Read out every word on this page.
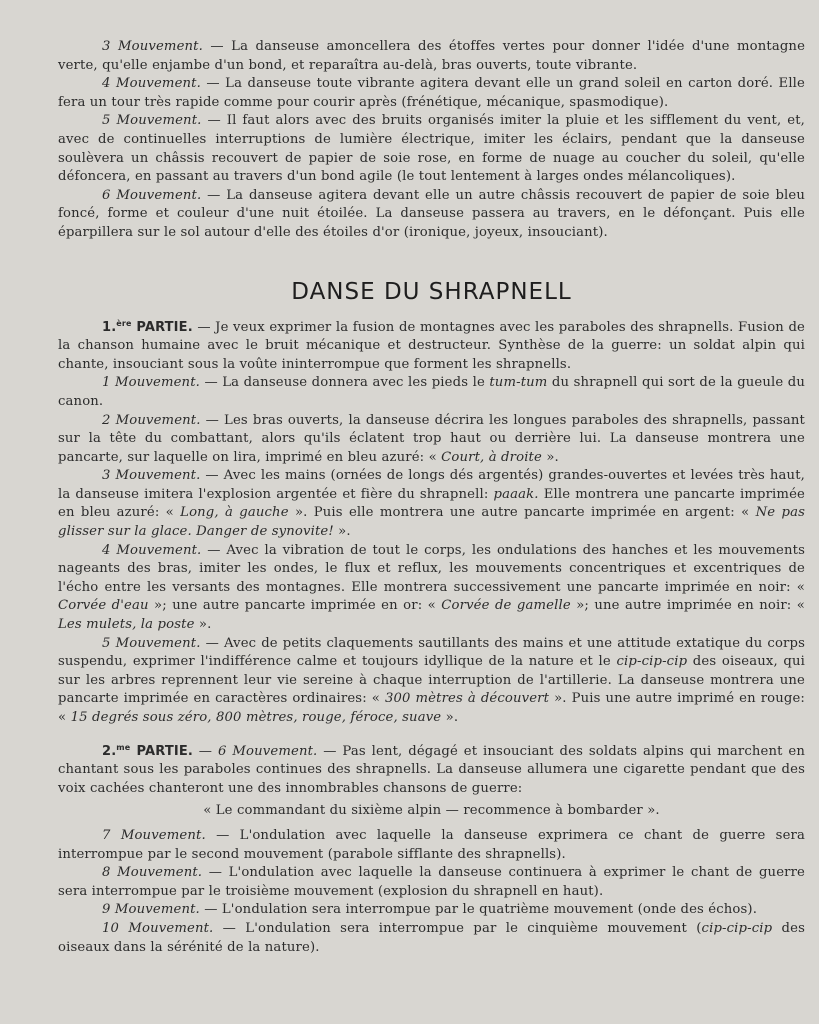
3 Mouvement. — La danseuse amoncellera des étoffes vertes pour donner l'idée d'une montagne verte, qu'elle enjambe d'un bond, et reparaîtra au-delà, bras ouverts, toute vibrante.

4 Mouvement. — La danseuse toute vibrante agitera devant elle un grand soleil en carton doré. Elle fera un tour très rapide comme pour courir après (frénétique, mécanique, spasmodique).

5 Mouvement. — Il faut alors avec des bruits organisés imiter la pluie et les sifflement du vent, et, avec de continuelles interruptions de lumière électrique, imiter les éclairs, pendant que la danseuse soulèvera un châssis recouvert de papier de soie rose, en forme de nuage au coucher du soleil, qu'elle défoncera, en passant au travers d'un bond agile (le tout lentement à larges ondes mélancoliques).

6 Mouvement. — La danseuse agitera devant elle un autre châssis recouvert de papier de soie bleu foncé, forme et couleur d'une nuit étoilée. La danseuse passera au travers, en le défonçant. Puis elle éparpillera sur le sol autour d'elle des étoiles d'or (ironique, joyeux, insouciant).

DANSE DU SHRAPNELL

1.$^{ère}$ PARTIE. — Je veux exprimer la fusion de montagnes avec les paraboles des shrapnells. Fusion de la chanson humaine avec le bruit mécanique et destructeur. Synthèse de la guerre: un soldat alpin qui chante, insouciant sous la voûte ininterrompue que forment les shrapnells.

1 Mouvement. — La danseuse donnera avec les pieds le tum-tum du shrapnell qui sort de la gueule du canon.

2 Mouvement. — Les bras ouverts, la danseuse décrira les longues paraboles des shrapnells, passant sur la tête du combattant, alors qu'ils éclatent trop haut ou derrière lui. La danseuse montrera une pancarte, sur laquelle on lira, imprimé en bleu azuré: « Court, à droite ».

3 Mouvement. — Avec les mains (ornées de longs dés argentés) grandes-ouvertes et levées très haut, la danseuse imitera l'explosion argentée et fière du shrapnell: paaak. Elle montrera une pancarte imprimée en bleu azuré: « Long, à gauche ». Puis elle montrera une autre pancarte imprimée en argent: « Ne pas glisser sur la glace. Danger de synovite! ».

4 Mouvement. — Avec la vibration de tout le corps, les ondulations des hanches et les mouvements nageants des bras, imiter les ondes, le flux et reflux, les mouvements concentriques et excentriques de l'écho entre les versants des montagnes. Elle montrera successivement une pancarte imprimée en noir: « Corvée d'eau »; une autre pancarte imprimée en or: « Corvée de gamelle »; une autre imprimée en noir: « Les mulets, la poste ».

5 Mouvement. — Avec de petits claquements sautillants des mains et une attitude extatique du corps suspendu, exprimer l'indifférence calme et toujours idyllique de la nature et le cip-cip-cip des oiseaux, qui sur les arbres reprennent leur vie sereine à chaque interruption de l'artillerie. La danseuse montrera une pancarte imprimée en caractères ordinaires: « 300 mètres à découvert ». Puis une autre imprimé en rouge: « 15 degrés sous zéro, 800 mètres, rouge, féroce, suave ».

2.$^{me}$ PARTIE. — 6 Mouvement. — Pas lent, dégagé et insouciant des soldats alpins qui marchent en chantant sous les paraboles continues des shrapnells. La danseuse allumera une cigarette pendant que des voix cachées chanteront une des innombrables chansons de guerre:

« Le commandant du sixième alpin — recommence à bombarder ».

7 Mouvement. — L'ondulation avec laquelle la danseuse exprimera ce chant de guerre sera interrompue par le second mouvement (parabole sifflante des shrapnells).

8 Mouvement. — L'ondulation avec laquelle la danseuse continuera à exprimer le chant de guerre sera interrompue par le troisième mouvement (explosion du shrapnell en haut).

9 Mouvement. — L'ondulation sera interrompue par le quatrième mouvement (onde des échos).

10 Mouvement. — L'ondulation sera interrompue par le cinquième mouvement (cip-cip-cip des oiseaux dans la sérénité de la nature).
